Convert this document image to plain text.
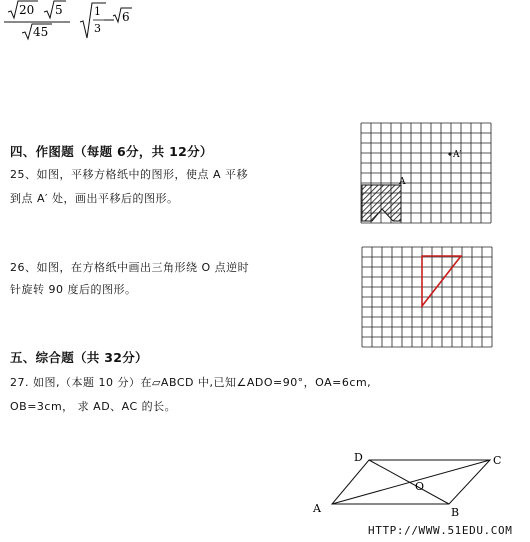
20 5
45
1
3
6
四、作图题（每题 6分，共 12分）
25、如图，平移方格纸中的图形，使点 A 平移
到点 A′ 处，画出平移后的图形。
26、如图，在方格纸中画出三角形绕 O 点逆时
针旋转 90 度后的图形。
五、综合题（共 32分）
27. 如图,（本题 10 分）在▱ABCD 中,已知∠ADO=90°，OA=6cm,
OB=3cm， 求 AD、AC 的长。
A
A′
A	B
C
D
O
HTTP://WWW.51EDU.COM
